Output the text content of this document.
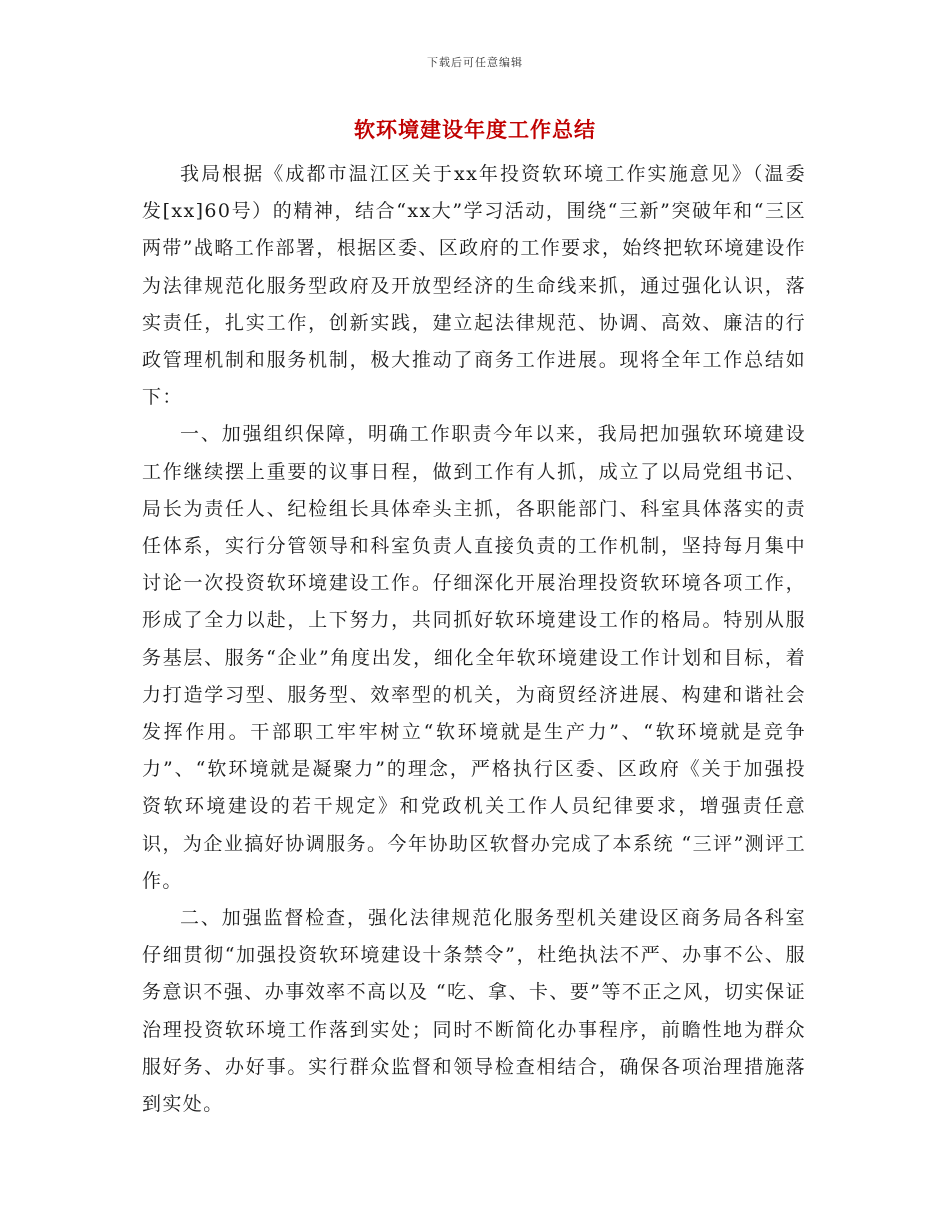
下载后可任意编辑
软环境建设年度工作总结

我局根据《成都市温江区关于xx年投资软环境工作实施意见》（温委发[xx]60号）的精神，结合“xx大”学习活动，围绕“三新”突破年和“三区两带”战略工作部署，根据区委、区政府的工作要求，始终把软环境建设作为法律规范化服务型政府及开放型经济的生命线来抓，通过强化认识，落实责任，扎实工作，创新实践，建立起法律规范、协调、高效、廉洁的行政管理机制和服务机制，极大推动了商务工作进展。现将全年工作总结如下：

一、加强组织保障，明确工作职责今年以来，我局把加强软环境建设工作继续摆上重要的议事日程，做到工作有人抓，成立了以局党组书记、局长为责任人、纪检组长具体牵头主抓，各职能部门、科室具体落实的责任体系，实行分管领导和科室负责人直接负责的工作机制，坚持每月集中讨论一次投资软环境建设工作。仔细深化开展治理投资软环境各项工作，形成了全力以赴，上下努力，共同抓好软环境建设工作的格局。特别从服务基层、服务“企业”角度出发，细化全年软环境建设工作计划和目标，着力打造学习型、服务型、效率型的机关，为商贸经济进展、构建和谐社会发挥作用。干部职工牢牢树立“软环境就是生产力”、“软环境就是竞争力”、“软环境就是凝聚力”的理念，严格执行区委、区政府《关于加强投资软环境建设的若干规定》和党政机关工作人员纪律要求，增强责任意识，为企业搞好协调服务。今年协助区软督办完成了本系统 “三评”测评工作。

二、加强监督检查，强化法律规范化服务型机关建设区商务局各科室仔细贯彻“加强投资软环境建设十条禁令”，杜绝执法不严、办事不公、服务意识不强、办事效率不高以及 “吃、拿、卡、要”等不正之风，切实保证治理投资软环境工作落到实处；同时不断简化办事程序，前瞻性地为群众服好务、办好事。实行群众监督和领导检查相结合，确保各项治理措施落到实处。
